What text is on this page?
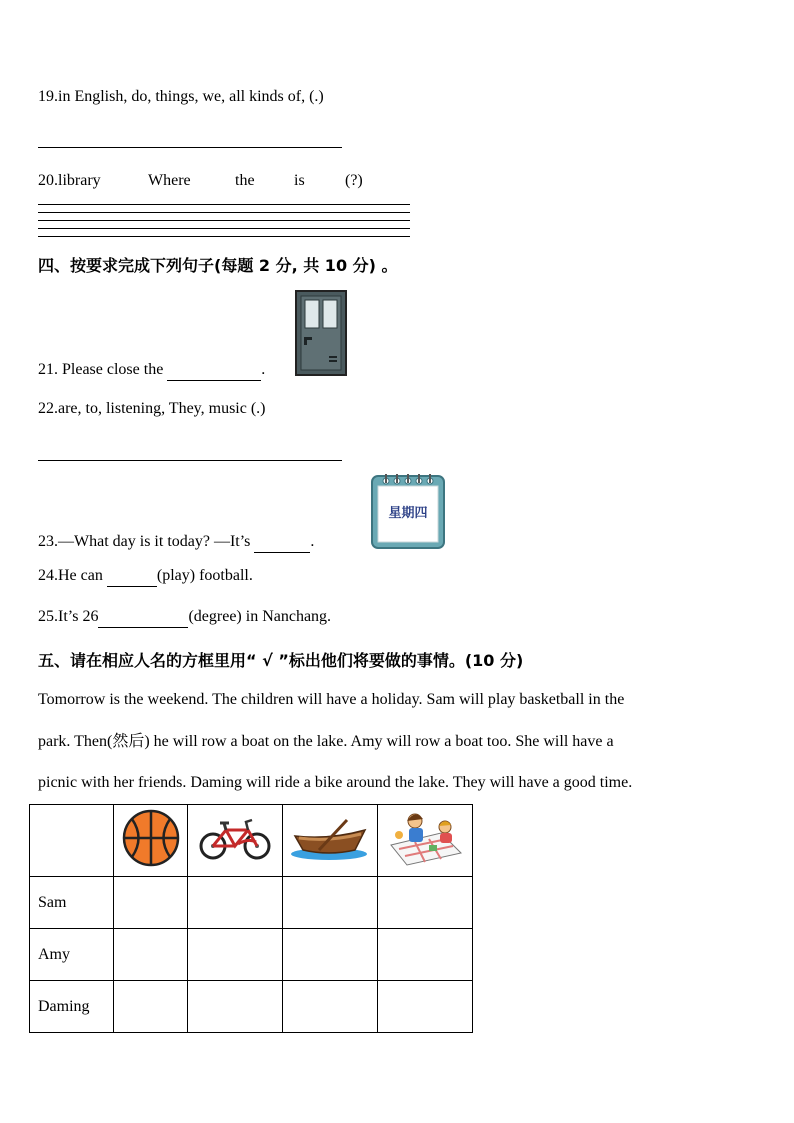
19.in English, do, things, we, all kinds of, (.)
20.library	Where	the is	(?)
四、按要求完成下列句子(每题 2 分, 共 10 分) 。
21. Please close the	.
22.are, to, listening, They, music (.)
星期四
23.—What day is it today? —It’s	.
24.He can	(play) football.
25.It’s 26	(degree) in Nanchang.
五、请在相应人名的方框里用“ √ ”标出他们将要做的事情。(10 分)
Tomorrow is the weekend. The children will have a holiday. Sam will play basketball in the
park. Then(然后) he will row a boat on the lake. Amy will row a boat too. She will have a
picnic with her friends. Daming will ride a bike around the lake. They will have a good time.

Sam				
Amy				
Daming				
